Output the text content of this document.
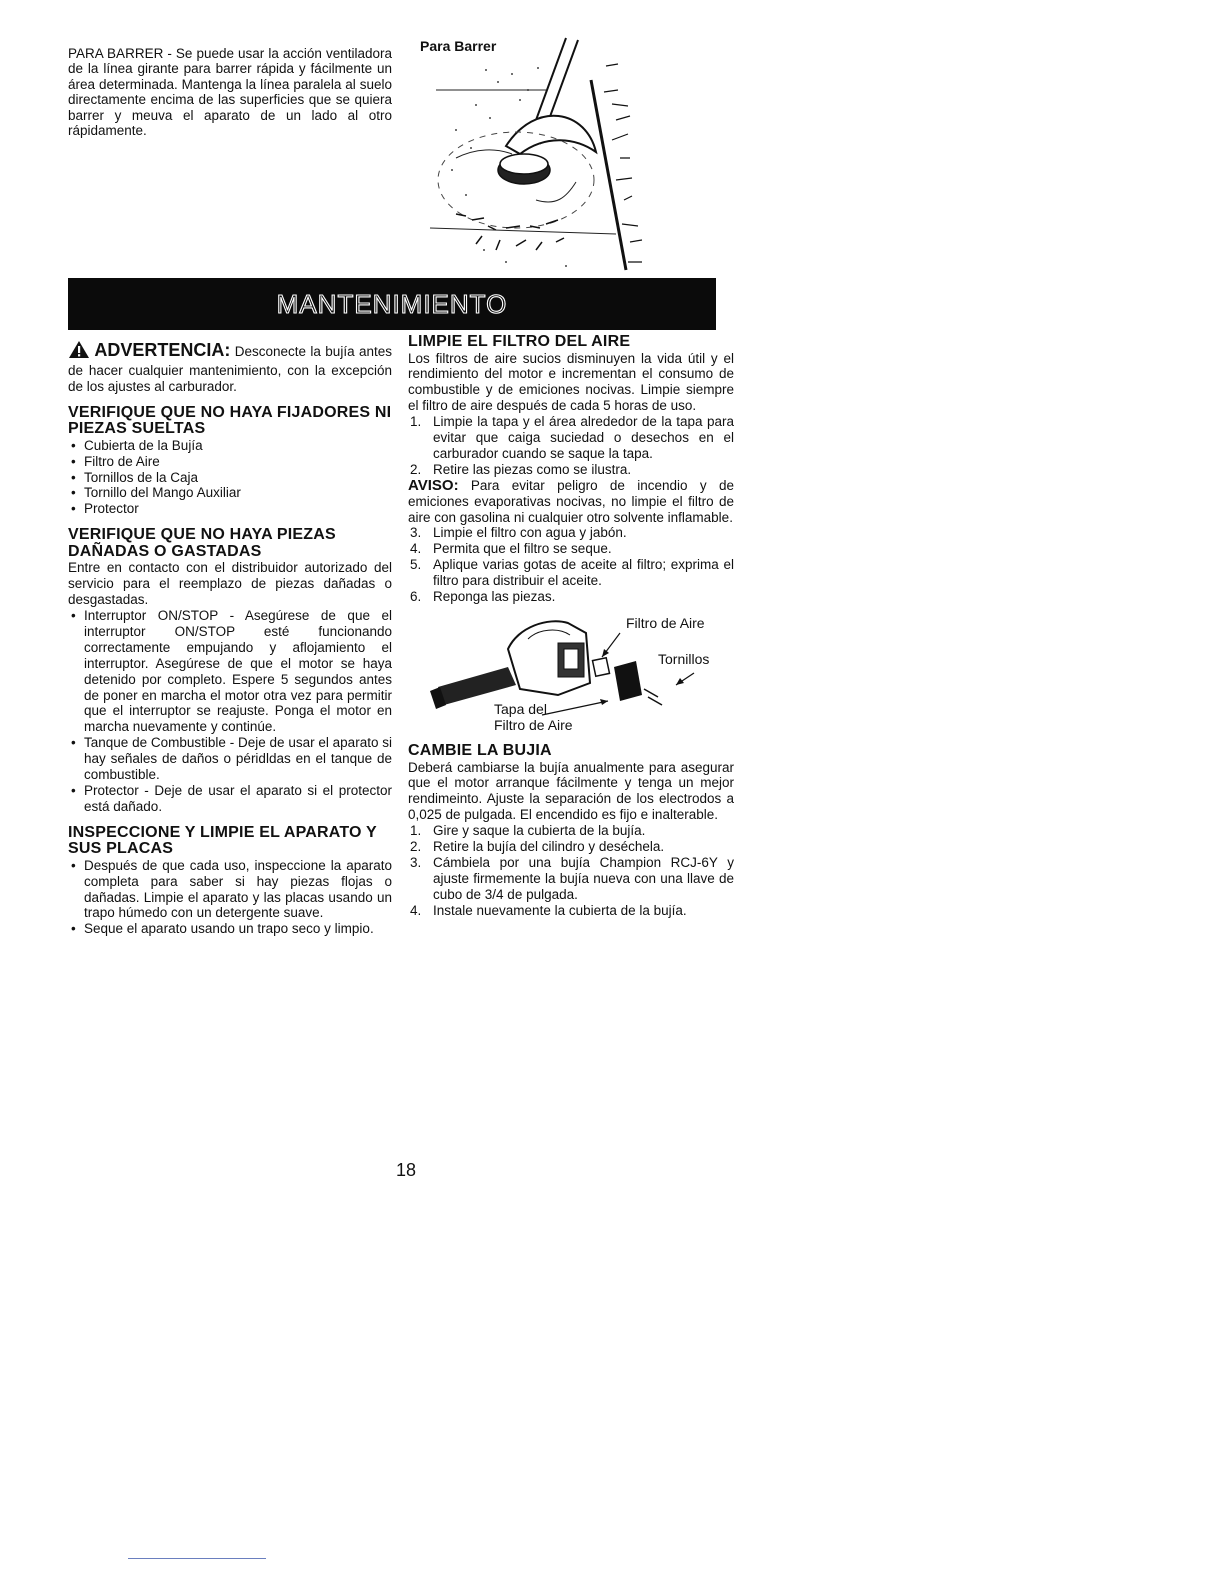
PARA BARRER - Se puede usar la acción ventiladora de la línea girante para barrer rápida y fácilmente un área determinada. Mantenga la línea paralela al suelo directamente encima de las superficies que se quiera barrer y meuva el aparato de un lado al otro rápidamente.

Para Barrer
MANTENIMIENTO

ADVERTENCIA: Desconecte la bujía antes de hacer cualquier mantenimiento, con la excepción de los ajustes al carburador.

VERIFIQUE QUE NO HAYA FIJADORES NI PIEZAS SUELTAS
• Cubierta de la Bujía
• Filtro de Aire
• Tornillos de la Caja
• Tornillo del Mango Auxiliar
• Protector
VERIFIQUE QUE NO HAYA PIEZAS DAÑADAS O GASTADAS

Entre en contacto con el distribuidor autorizado del servicio para el reemplazo de piezas dañadas o desgastadas.

• Interruptor ON/STOP - Asegúrese de que el interruptor ON/STOP esté funcionando correctamente empujando y aflojamiento el interruptor. Asegúrese de que el motor se haya detenido por completo. Espere 5 segundos antes de poner en marcha el motor otra vez para permitir que el interruptor se reajuste. Ponga el motor en marcha nuevamente y continúe.
• Tanque de Combustible - Deje de usar el aparato si hay señales de daños o péridldas en el tanque de combustible.
• Protector - Deje de usar el aparato si el protector está dañado.
INSPECCIONE Y LIMPIE EL APARATO Y SUS PLACAS
• Después de que cada uso, inspeccione la aparato completa para saber si hay piezas flojas o dañadas. Limpie el aparato y las placas usando un trapo húmedo con un detergente suave.
• Seque el aparato usando un trapo seco y limpio.
LIMPIE EL FILTRO DEL AIRE

Los filtros de aire sucios disminuyen la vida útil y el rendimiento del motor e incrementan el consumo de combustible y de emiciones nocivas. Limpie siempre el filtro de aire después de cada 5 horas de uso.

1. Limpie la tapa y el área alrededor de la tapa para evitar que caiga suciedad o desechos en el carburador cuando se saque la tapa.
2. Retire las piezas como se ilustra.

AVISO: Para evitar peligro de incendio y de emiciones evaporativas nocivas, no limpie el filtro de aire con gasolina ni cualquier otro solvente inflamable.

3. Limpie el filtro con agua y jabón.
4. Permita que el filtro se seque.
5. Aplique varias gotas de aceite al filtro; exprima el filtro para distribuir el aceite.
6. Reponga las piezas.
Filtro de Aire
Tornillos
Tapa del
Filtro de Aire
CAMBIE LA BUJIA

Deberá cambiarse la bujía anualmente para asegurar que el motor arranque fácilmente y tenga un mejor rendimeinto. Ajuste la separación de los electrodos a 0,025 de pulgada. El encendido es fijo e inalterable.

1. Gire y saque la cubierta de la bujía.
2. Retire la bujía del cilindro y deséchela.
3. Cámbiela por una bujía Champion RCJ-6Y y ajuste firmemente la bujía nueva con una llave de cubo de 3/4 de pulgada.
4. Instale nuevamente la cubierta de la bujía.
18
